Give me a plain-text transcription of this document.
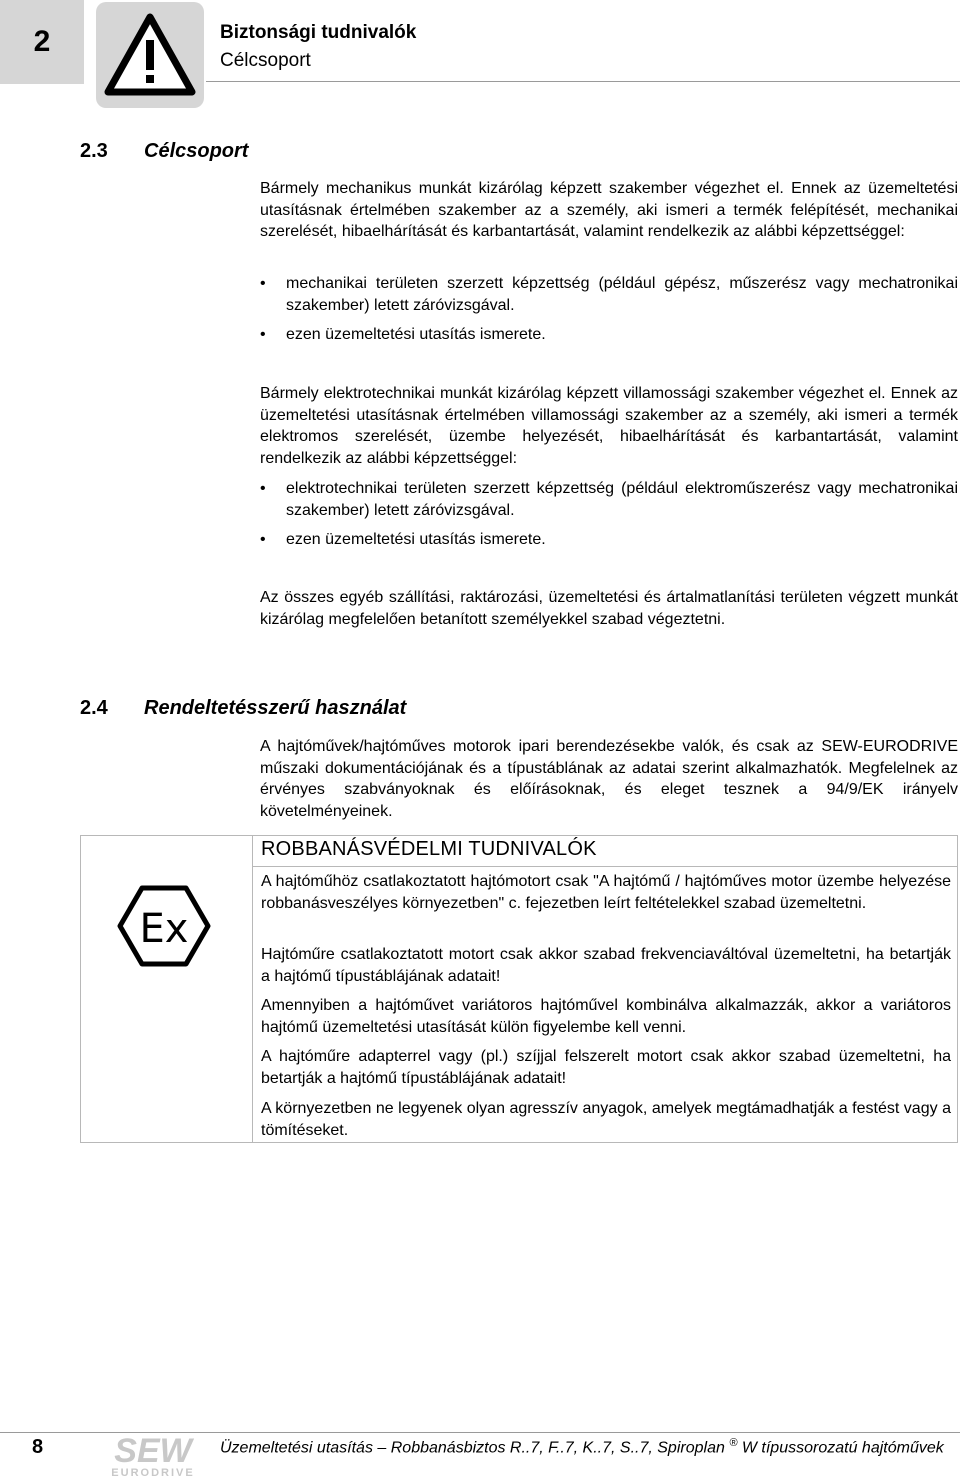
2	Biztonsági tudnivalók
Célcsoport
2.3 Célcsoport
Bármely mechanikus munkát kizárólag képzett szakember végezhet el. Ennek az üzemeltetési utasításnak értelmében szakember az a személy, aki ismeri a termék felépítését, mechanikai szerelését, hibaelhárítását és karbantartását, valamint rendelkezik az alábbi képzettséggel:
• mechanikai területen szerzett képzettség (például gépész, műszerész vagy mechatronikai szakember) letett záróvizsgával.
• ezen üzemeltetési utasítás ismerete.
Bármely elektrotechnikai munkát kizárólag képzett villamossági szakember végezhet el. Ennek az üzemeltetési utasításnak értelmében villamossági szakember az a személy, aki ismeri a termék elektromos szerelését, üzembe helyezését, hibaelhárítását és karbantartását, valamint rendelkezik az alábbi képzettséggel:
• elektrotechnikai területen szerzett képzettség (például elektroműszerész vagy mechatronikai szakember) letett záróvizsgával.
• ezen üzemeltetési utasítás ismerete.
Az összes egyéb szállítási, raktározási, üzemeltetési és ártalmatlanítási területen végzett munkát kizárólag megfelelően betanított személyekkel szabad végeztetni.
2.4 Rendeltetésszerű használat
A hajtóművek/hajtóműves motorok ipari berendezésekbe valók, és csak az SEW-EURODRIVE műszaki dokumentációjának és a típustáblának az adatai szerint alkalmazhatók. Megfelelnek az érvényes szabványoknak és előírásoknak, és eleget tesznek a 94/9/EK irányelv követelményeinek.
Ex
ROBBANÁSVÉDELMI TUDNIVALÓK
A hajtóműhöz csatlakoztatott hajtómotort csak "A hajtómű / hajtóműves motor üzembe helyezése robbanásveszélyes környezetben" c. fejezetben leírt feltételekkel szabad üzemeltetni.
Hajtóműre csatlakoztatott motort csak akkor szabad frekvenciaváltóval üzemeltetni, ha betartják a hajtómű típustáblájának adatait!
Amennyiben a hajtóművet variátoros hajtóművel kombinálva alkalmazzák, akkor a variátoros hajtómű üzemeltetési utasítását külön figyelembe kell venni.
A hajtóműre adapterrel vagy (pl.) szíjjal felszerelt motort csak akkor szabad üzemeltetni, ha betartják a hajtómű típustáblájának adatait!
A környezetben ne legyenek olyan agresszív anyagok, amelyek megtámadhatják a festést vagy a tömítéseket.
8 SEW
EURODRIVE
Üzemeltetési utasítás – Robbanásbiztos R..7, F..7, K..7, S..7, Spiroplan ® W típussorozatú hajtóművek
